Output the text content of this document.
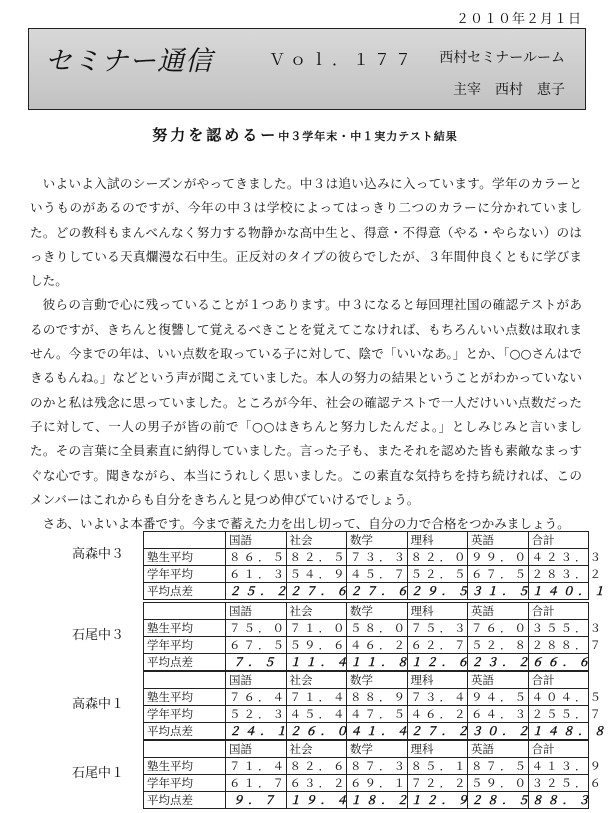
２０１０年２月１日
セミナー通信	Ｖｏｌ．１７７ 西村セミナールーム
主宰　西村　恵子
努力を認めるー中３学年末・中１実力テスト結果

いよいよ入試のシーズンがやってきました。中３は追い込みに入っています。学年のカラーというものがあるのですが、今年の中３は学校によってはっきり二つのカラーに分かれていました。どの教科もまんべんなく努力する物静かな高中生と、得意・不得意（やる・やらない）のはっきりしている天真爛漫な石中生。正反対のタイプの彼らでしたが、３年間仲良くともに学びました。

彼らの言動で心に残っていることが１つあります。中３になると毎回理社国の確認テストがあるのですが、きちんと復讐して覚えるべきことを覚えてこなければ、もちろんいい点数は取れません。今までの年は、いい点数を取っている子に対して、陰で「いいなあ。」とか、「○○さんはできるもんね。」などという声が聞こえていました。本人の努力の結果ということがわかっていないのかと私は残念に思っていました。ところが今年、社会の確認テストで一人だけいい点数だった子に対して、一人の男子が皆の前で「○○はきちんと努力したんだよ。」としみじみと言いました。その言葉に全員素直に納得していました。言った子も、またそれを認めた皆も素敵なまっすぐな心です。聞きながら、本当にうれしく思いました。この素直な気持ちを持ち続ければ、このメンバーはこれからも自分をきちんと見つめ伸びていけるでしょう。

さあ、いよいよ本番です。今まで蓄えた力を出し切って、自分の力で合格をつかみましょう。

高森中３
	国語	社会	数学	理科	英語	合計
塾生平均	８６．５	８２．５	７３．３	８２．０	９９．０	４２３．３
学年平均	６１．３	５４．９	４５．７	５２．５	６７．５	２８３．２
平均点差	２５．２	２７．６	２７．６	２９．５	３１．５	１４０．１
石尾中３
	国語	社会	数学	理科	英語	合計
塾生平均	７５．０	７１．０	５８．０	７５．３	７６．０	３５５．３
学年平均	６７．５	５９．６	４６．２	６２．７	５２．８	２８８．７
平均点差	７．５	１１．４	１１．８	１２．６	２３．２	６６．６
高森中１
	国語	社会	数学	理科	英語	合計
塾生平均	７６．４	７１．４	８８．９	７３．４	９４．５	４０４．５
学年平均	５２．３	４５．４	４７．５	４６．２	６４．３	２５５．７
平均点差	２４．１	２６．０	４１．４	２７．２	３０．２	１４８．８
石尾中１
	国語	社会	数学	理科	英語	合計
塾生平均	７１．４	８２．６	８７．３	８５．１	８７．５	４１３．９
学年平均	６１．７	６３．２	６９．１	７２．２	５９．０	３２５．６
平均点差	９．７	１９．４	１８．２	１２．９	２８．５	８８．３
